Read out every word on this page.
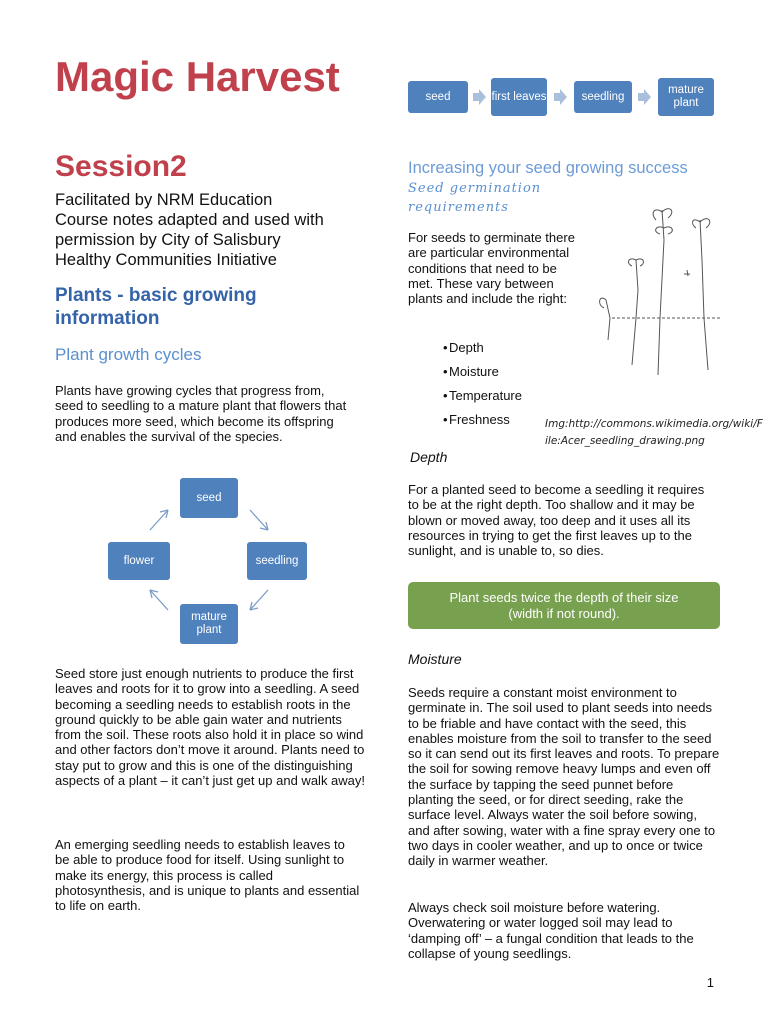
Magic Harvest
Session2
Facilitated by NRM Education
Course notes adapted and used with
permission by City of Salisbury
Healthy Communities Initiative
Plants - basic growing information
Plant growth cycles
Plants have growing cycles that progress from, seed to seedling to a mature plant that flowers that produces more seed, which become its offspring and enables the survival of the species.
seed
seedling
mature plant
flower
Seed store just enough nutrients to produce the first leaves and roots for it to grow into a seedling. A seed becoming a seedling needs to establish roots in the ground quickly to be able gain water and nutrients from the soil. These roots also hold it in place so wind and other factors don’t move it around. Plants need to stay put to grow and this is one of the distinguishing aspects of a plant – it can’t just get up and walk away!
An emerging seedling needs to establish leaves to be able to produce food for itself. Using sunlight to make its energy, this process is called photosynthesis, and is unique to plants and essential to life on earth.
seed	first leaves	seedling
mature plant
Increasing your seed growing success
Seed germination requirements
For seeds to germinate there are particular environmental conditions that need to be met. These vary between plants and include the right:
•Depth
•Moisture
•Temperature
•Freshness	Img:http://commons.wikimedia.org/wiki/File:Acer_seedling_drawing.png
Depth
For a planted seed to become a seedling it requires to be at the right depth. Too shallow and it may be blown or moved away, too deep and it uses all its resources in trying to get the first leaves up to the sunlight, and is unable to, so dies.
Plant seeds twice the depth of their size
(width if not round).
Moisture
Seeds require a constant moist environment to germinate in. The soil used to plant seeds into needs to be friable and have contact with the seed, this enables moisture from the soil to transfer to the seed so it can send out its first leaves and roots. To prepare the soil for sowing remove heavy lumps and even off the surface by tapping the seed punnet before planting the seed, or for direct seeding, rake the surface level. Always water the soil before sowing, and after sowing, water with a fine spray every one to two days in cooler weather, and up to once or twice daily in warmer weather.
Always check soil moisture before watering. Overwatering or water logged soil may lead to ‘damping off’ – a fungal condition that leads to the collapse of young seedlings.
1
